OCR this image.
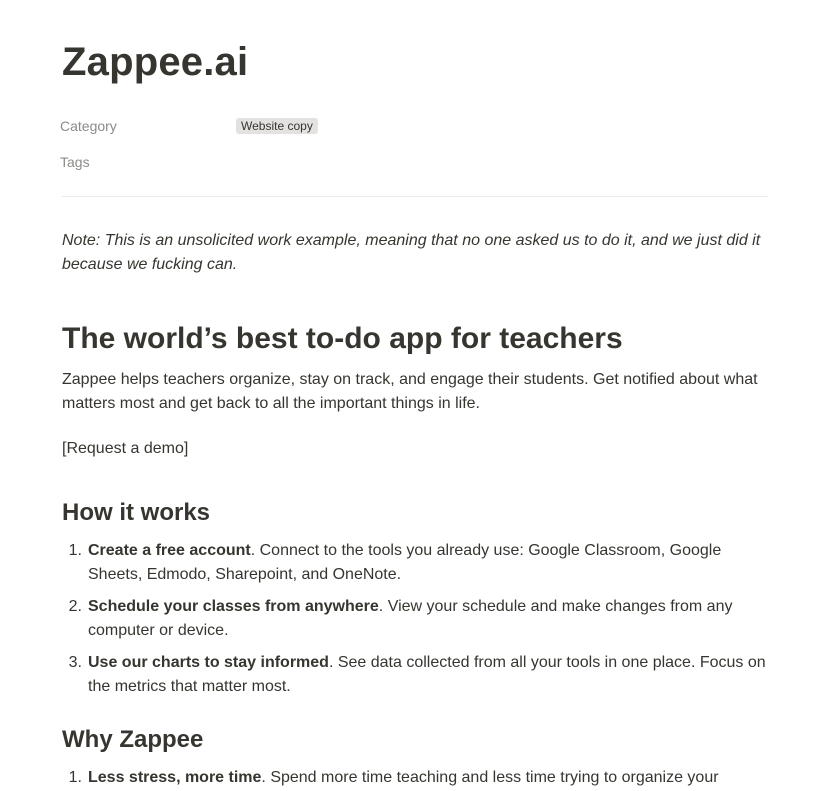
Zappee.ai
Category	Website copy
Tags

Note: This is an unsolicited work example, meaning that no one asked us to do it, and we just did it because we fucking can.

The world’s best to-do app for teachers

Zappee helps teachers organize, stay on track, and engage their students. Get notified about what matters most and get back to all the important things in life.

[Request a demo]

How it works
1. Create a free account. Connect to the tools you already use: Google Classroom, Google Sheets, Edmodo, Sharepoint, and OneNote.
2. Schedule your classes from anywhere. View your schedule and make changes from any computer or device.
3. Use our charts to stay informed. See data collected from all your tools in one place. Focus on the metrics that matter most.
Why Zappee
1. Less stress, more time. Spend more time teaching and less time trying to organize your
